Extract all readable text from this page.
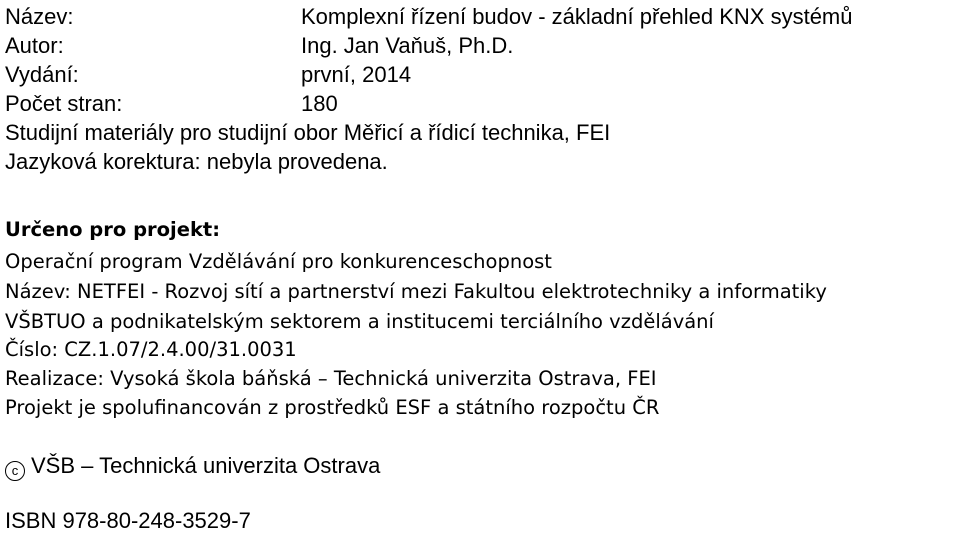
Název:	Komplexní řízení budov - základní přehled KNX systémů
Autor:	Ing. Jan Vaňuš, Ph.D.
Vydání:	první, 2014
Počet stran:	180
Studijní materiály pro studijní obor Měřicí a řídicí technika, FEI
Jazyková korektura: nebyla provedena.
Určeno pro projekt:
Operační program Vzdělávání pro konkurenceschopnost
Název: NETFEI - Rozvoj sítí a partnerství mezi Fakultou elektrotechniky a informatiky
VŠBTUO a podnikatelským sektorem a institucemi terciálního vzdělávání
Číslo: CZ.1.07/2.4.00/31.0031
Realizace: Vysoká škola báňská – Technická univerzita Ostrava, FEI
Projekt je spolufinancován z prostředků ESF a státního rozpočtu ČR
c VŠB – Technická univerzita Ostrava
ISBN 978-80-248-3529-7
